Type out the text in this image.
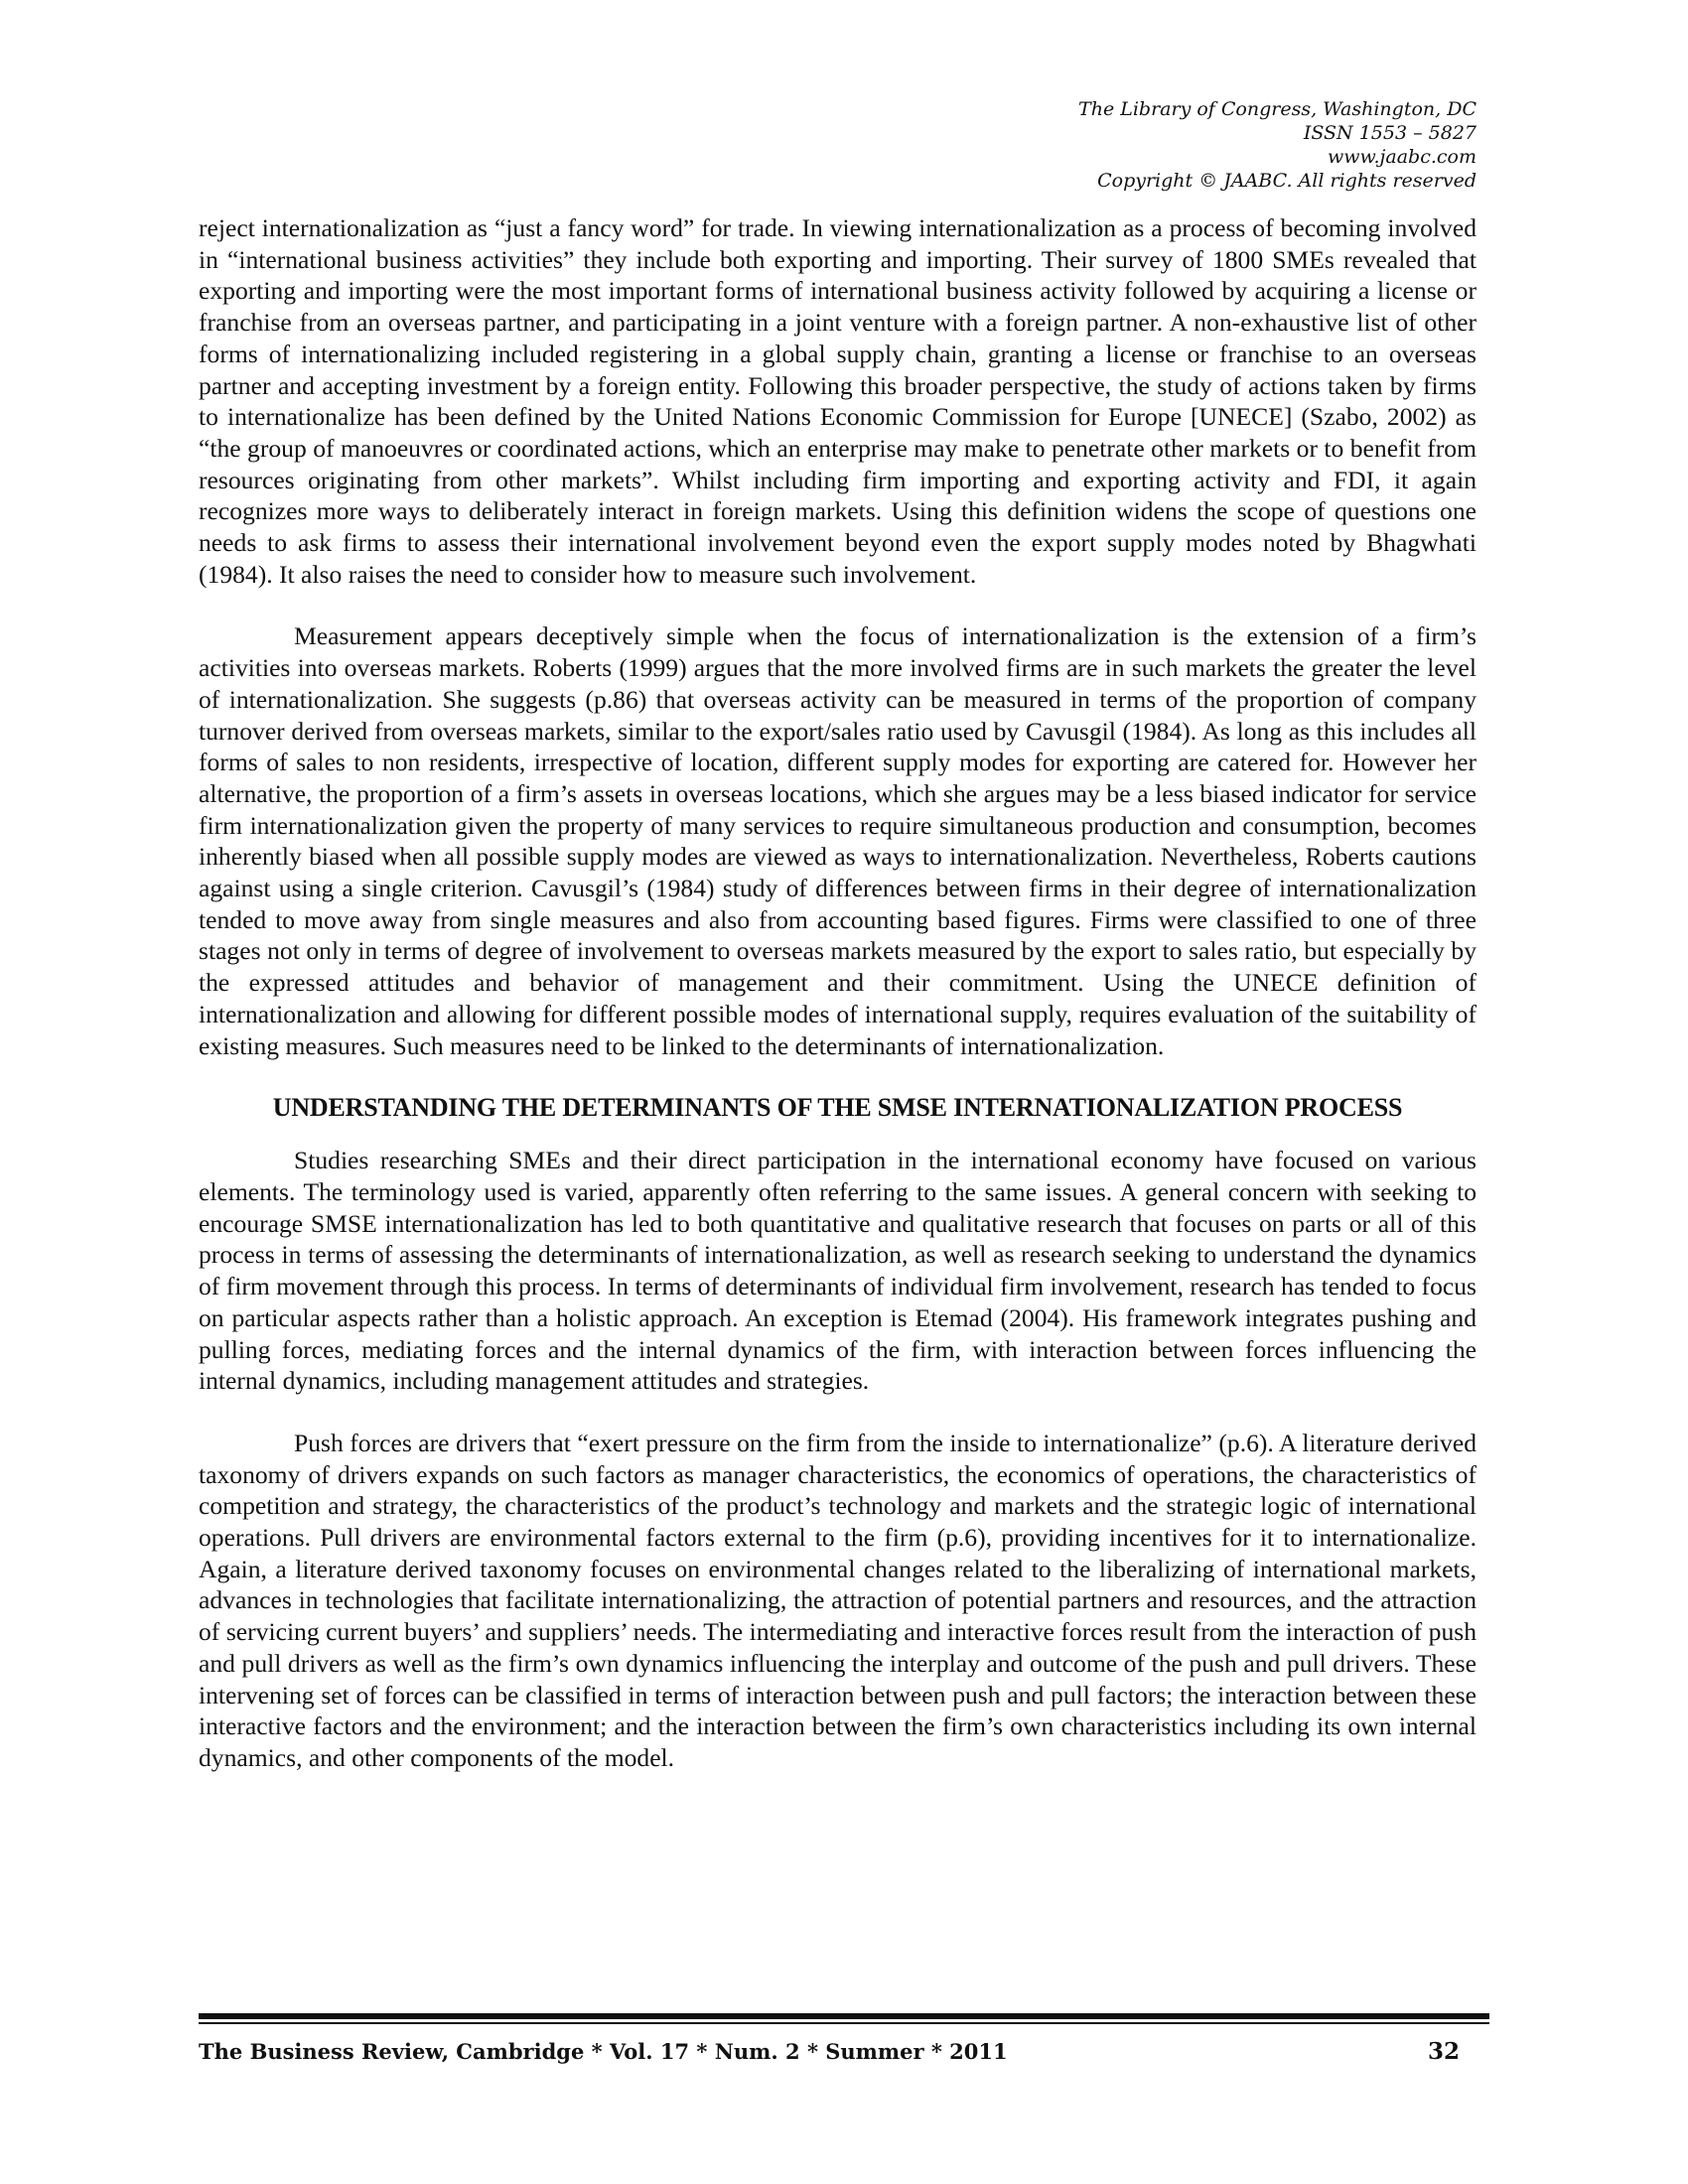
The Library of Congress, Washington, DC
ISSN 1553 – 5827
www.jaabc.com
Copyright © JAABC. All rights reserved

reject internationalization as “just a fancy word” for trade. In viewing internationalization as a process of becoming involved in “international business activities” they include both exporting and importing. Their survey of 1800 SMEs revealed that exporting and importing were the most important forms of international business activity followed by acquiring a license or franchise from an overseas partner, and participating in a joint venture with a foreign partner. A non-exhaustive list of other forms of internationalizing included registering in a global supply chain, granting a license or franchise to an overseas partner and accepting investment by a foreign entity. Following this broader perspective, the study of actions taken by firms to internationalize has been defined by the United Nations Economic Commission for Europe [UNECE] (Szabo, 2002) as “the group of manoeuvres or coordinated actions, which an enterprise may make to penetrate other markets or to benefit from resources originating from other markets”. Whilst including firm importing and exporting activity and FDI, it again recognizes more ways to deliberately interact in foreign markets. Using this definition widens the scope of questions one needs to ask firms to assess their international involvement beyond even the export supply modes noted by Bhagwhati (1984). It also raises the need to consider how to measure such involvement.

Measurement appears deceptively simple when the focus of internationalization is the extension of a firm’s activities into overseas markets. Roberts (1999) argues that the more involved firms are in such markets the greater the level of internationalization. She suggests (p.86) that overseas activity can be measured in terms of the proportion of company turnover derived from overseas markets, similar to the export/sales ratio used by Cavusgil (1984). As long as this includes all forms of sales to non residents, irrespective of location, different supply modes for exporting are catered for. However her alternative, the proportion of a firm’s assets in overseas locations, which she argues may be a less biased indicator for service firm internationalization given the property of many services to require simultaneous production and consumption, becomes inherently biased when all possible supply modes are viewed as ways to internationalization. Nevertheless, Roberts cautions against using a single criterion. Cavusgil’s (1984) study of differences between firms in their degree of internationalization tended to move away from single measures and also from accounting based figures. Firms were classified to one of three stages not only in terms of degree of involvement to overseas markets measured by the export to sales ratio, but especially by the expressed attitudes and behavior of management and their commitment. Using the UNECE definition of internationalization and allowing for different possible modes of international supply, requires evaluation of the suitability of existing measures. Such measures need to be linked to the determinants of internationalization.

UNDERSTANDING THE DETERMINANTS OF THE SMSE INTERNATIONALIZATION PROCESS

Studies researching SMEs and their direct participation in the international economy have focused on various elements. The terminology used is varied, apparently often referring to the same issues. A general concern with seeking to encourage SMSE internationalization has led to both quantitative and qualitative research that focuses on parts or all of this process in terms of assessing the determinants of internationalization, as well as research seeking to understand the dynamics of firm movement through this process. In terms of determinants of individual firm involvement, research has tended to focus on particular aspects rather than a holistic approach. An exception is Etemad (2004). His framework integrates pushing and pulling forces, mediating forces and the internal dynamics of the firm, with interaction between forces influencing the internal dynamics, including management attitudes and strategies.

Push forces are drivers that “exert pressure on the firm from the inside to internationalize” (p.6). A literature derived taxonomy of drivers expands on such factors as manager characteristics, the economics of operations, the characteristics of competition and strategy, the characteristics of the product’s technology and markets and the strategic logic of international operations. Pull drivers are environmental factors external to the firm (p.6), providing incentives for it to internationalize. Again, a literature derived taxonomy focuses on environmental changes related to the liberalizing of international markets, advances in technologies that facilitate internationalizing, the attraction of potential partners and resources, and the attraction of servicing current buyers’ and suppliers’ needs. The intermediating and interactive forces result from the interaction of push and pull drivers as well as the firm’s own dynamics influencing the interplay and outcome of the push and pull drivers. These intervening set of forces can be classified in terms of interaction between push and pull factors; the interaction between these interactive factors and the environment; and the interaction between the firm’s own characteristics including its own internal dynamics, and other components of the model.

The Business Review, Cambridge * Vol. 17 * Num. 2 * Summer * 2011	32
